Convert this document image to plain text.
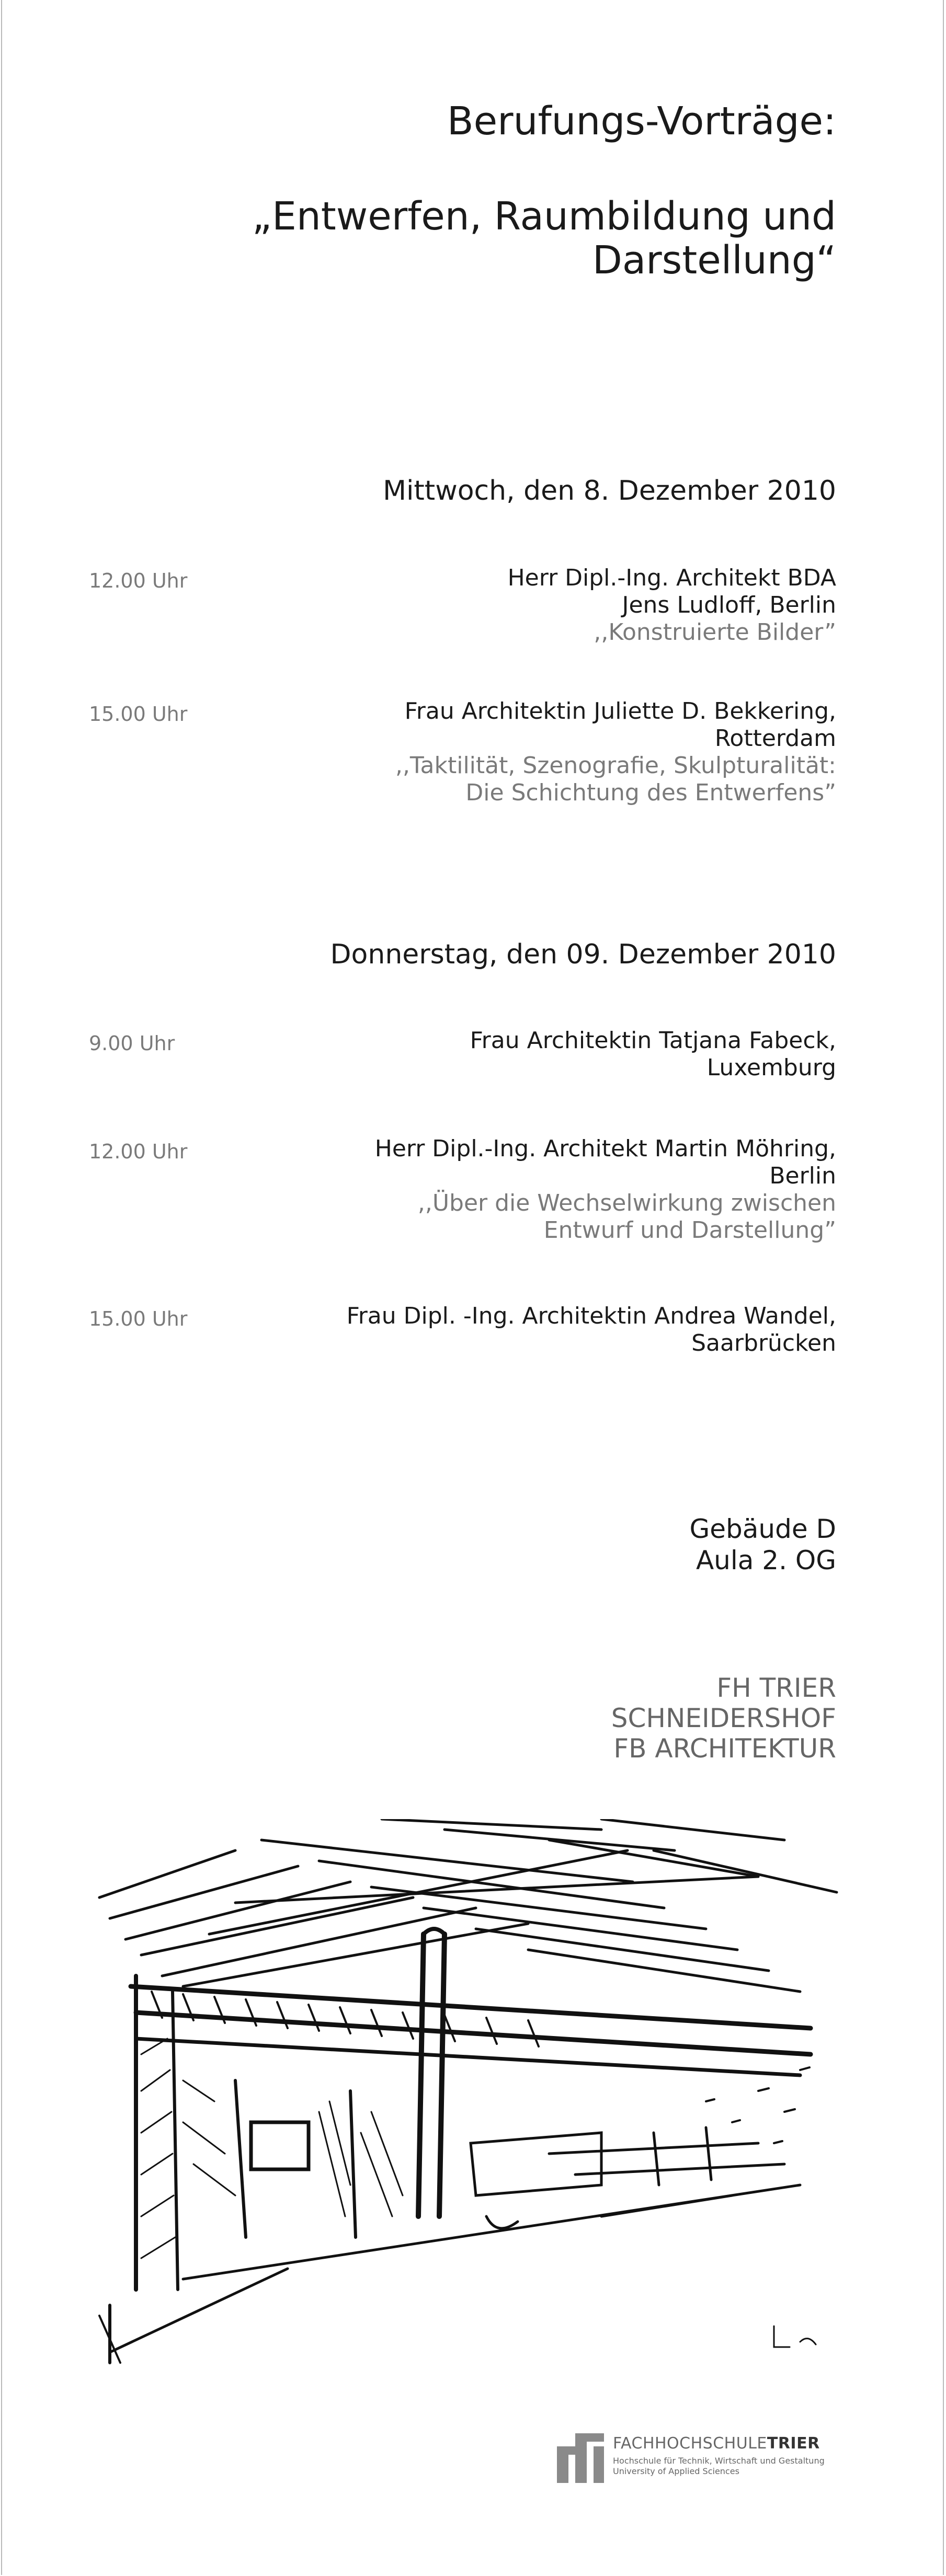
Berufungs-Vorträge:
„Entwerfen, Raumbildung und
Darstellung“
Mittwoch, den 8. Dezember 2010
12.00 Uhr	Herr Dipl.-Ing. Architekt BDA
Jens Ludloff, Berlin
,,Konstruierte Bilder”
15.00 Uhr	Frau Architektin Juliette D. Bekkering,
Rotterdam
,,Taktilität, Szenografie, Skulpturalität:
Die Schichtung des Entwerfens”
Donnerstag, den 09. Dezember 2010
9.00 Uhr	Frau Architektin Tatjana Fabeck,
Luxemburg
12.00 Uhr	Herr Dipl.-Ing. Architekt Martin Möhring,
Berlin
,,Über die Wechselwirkung zwischen
Entwurf und Darstellung”
15.00 Uhr	Frau Dipl. -Ing. Architektin Andrea Wandel,
Saarbrücken
Gebäude D
Aula 2. OG
FH TRIER
SCHNEIDERSHOF
FB ARCHITEKTUR
FACHHOCHSCHULETRIER
Hochschule für Technik, Wirtschaft und Gestaltung
University of Applied Sciences
